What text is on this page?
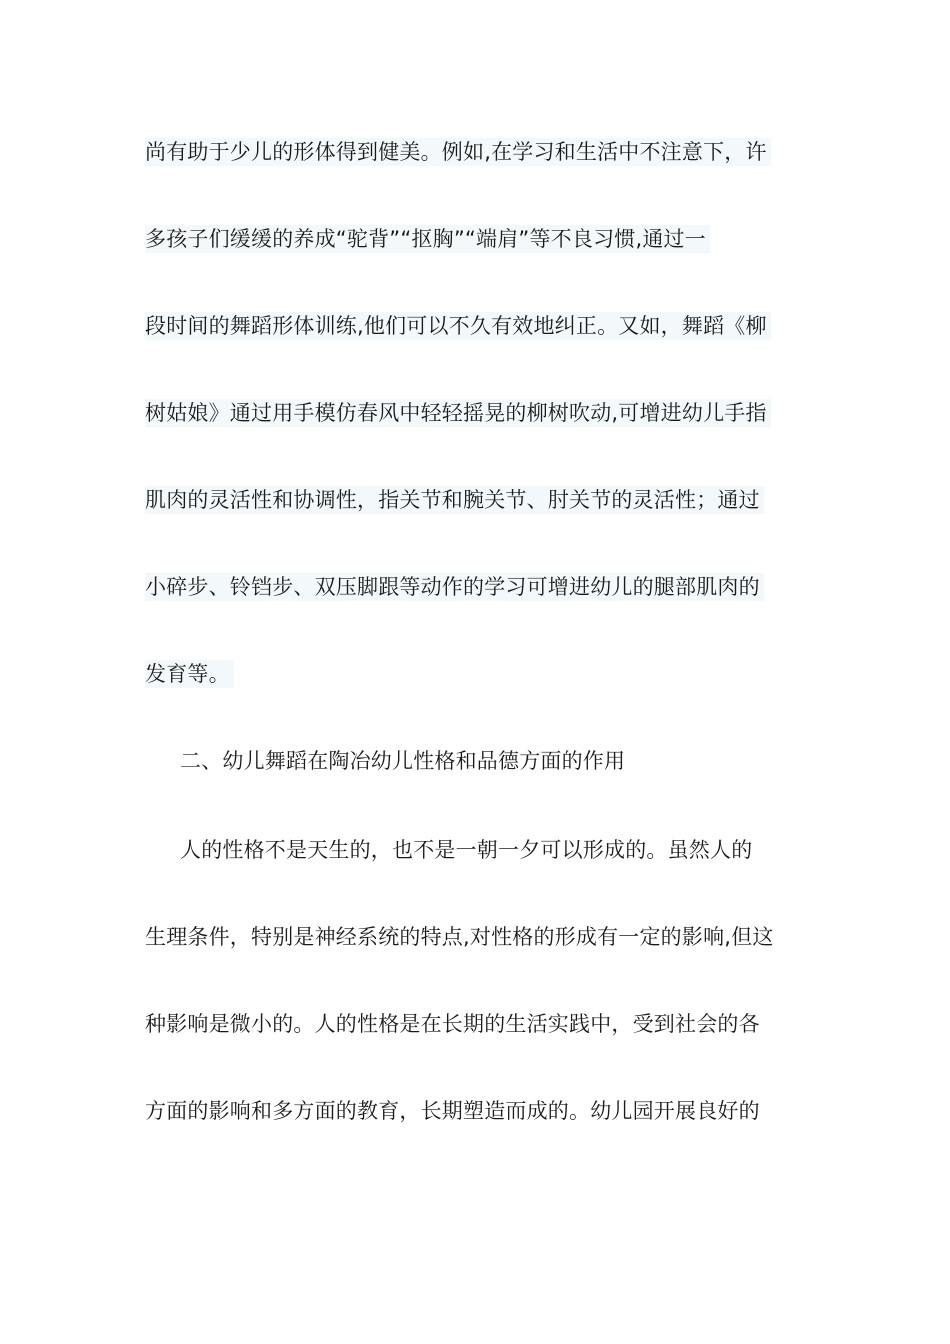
尚有助于少儿的形体得到健美。例如,在学习和生活中不注意下，许
多孩子们缓缓的养成“驼背”“抠胸”“端肩”等不良习惯,通过一
段时间的舞蹈形体训练,他们可以不久有效地纠正。又如，舞蹈《柳
树姑娘》通过用手模仿春风中轻轻摇晃的柳树吹动,可增进幼儿手指
肌肉的灵活性和协调性，指关节和腕关节、肘关节的灵活性；通过
小碎步、铃铛步、双压脚跟等动作的学习可增进幼儿的腿部肌肉的
发育等。
二、幼儿舞蹈在陶冶幼儿性格和品德方面的作用
人的性格不是天生的，也不是一朝一夕可以形成的。虽然人的
生理条件，特别是神经系统的特点,对性格的形成有一定的影响,但这
种影响是微小的。人的性格是在长期的生活实践中，受到社会的各
方面的影响和多方面的教育，长期塑造而成的。幼儿园开展良好的
